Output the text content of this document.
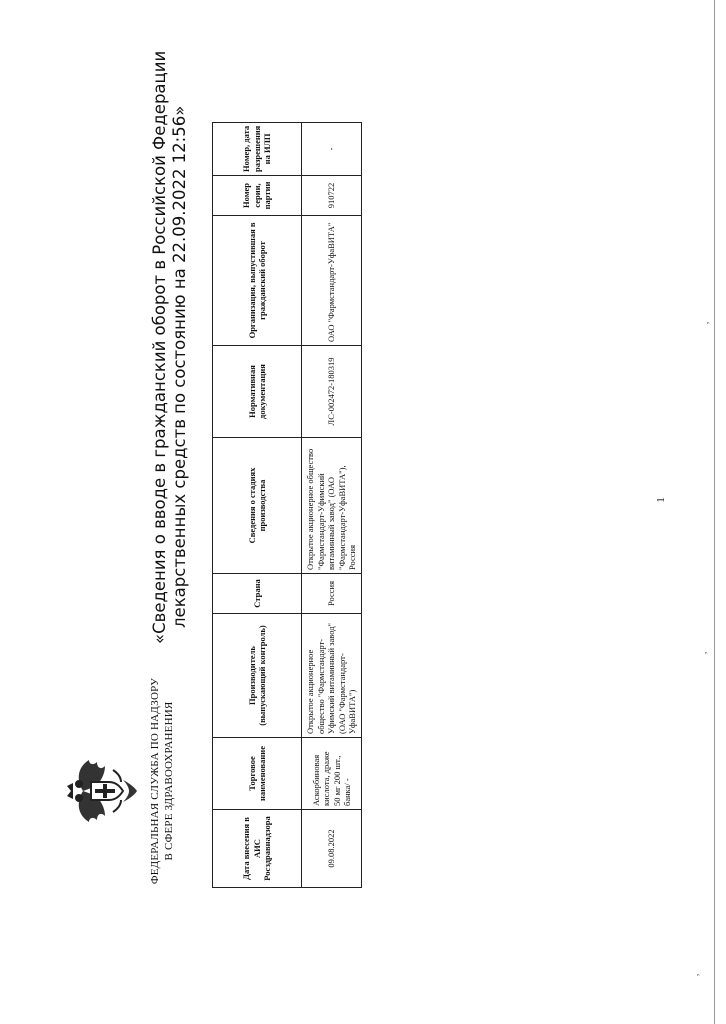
ФЕДЕРАЛЬНАЯ СЛУЖБА ПО НАДЗОРУ В СФЕРЕ ЗДРАВООХРАНЕНИЯ
«Сведения о вводе в гражданский оборот в Российской Федерации лекарственных средств по состоянию на 22.09.2022 12:56»
Дата внесения в АИС Росздравнадзора	Торговое наименование	Производитель (выпускающий контроль)	Страна	Сведения о стадиях производства	Нормативная документация	Организация, выпустившая в гражданский оборот	Номер серии, партии	Номер, дата разрешения на ИЛП
09.08.2022	Аскорбиновая кислота, драже 50 мг 200 шт., банка/ -	Открытое акционерное общество "Фармстандарт-Уфимский витаминный завод" (ОАО "Фармстандарт-УфаВИТА")	Россия	Открытое акционерное общество "Фармстандарт-Уфимский витаминный завод" (ОАО "Фармстандарт-УфаВИТА"), Россия	ЛС-002472-180319	ОАО "Фармстандарт-УфаВИТА"	910722	-
1
,
,
,
